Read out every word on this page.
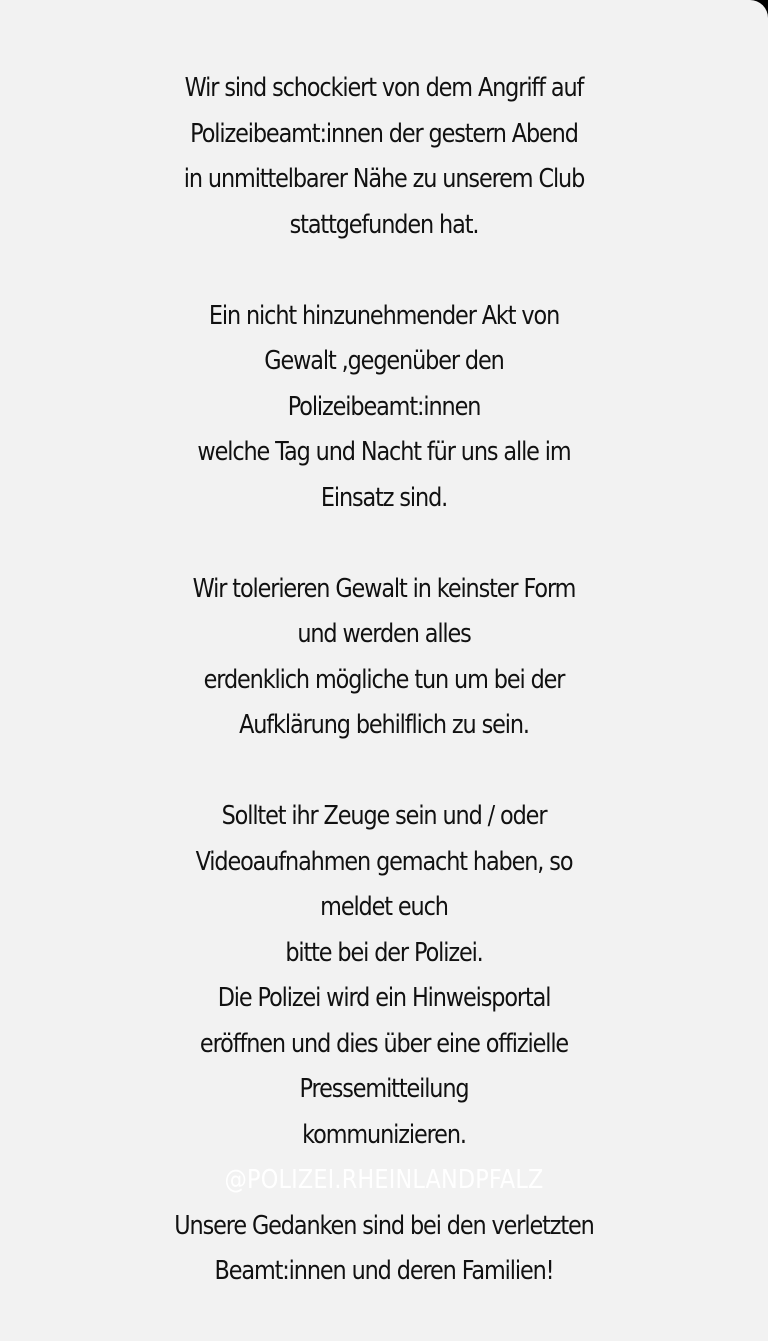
Wir sind schockiert von dem Angriff auf
Polizeibeamt:innen der gestern Abend
in unmittelbarer Nähe zu unserem Club
stattgefunden hat.
Ein nicht hinzunehmender Akt von
Gewalt ,gegenüber den
Polizeibeamt:innen
welche Tag und Nacht für uns alle im
Einsatz sind.
Wir tolerieren Gewalt in keinster Form
und werden alles
erdenklich mögliche tun um bei der
Aufklärung behilflich zu sein.
Solltet ihr Zeuge sein und / oder
Videoaufnahmen gemacht haben, so
meldet euch
bitte bei der Polizei.
Die Polizei wird ein Hinweisportal
eröffnen und dies über eine offizielle
Pressemitteilung
kommunizieren.
@POLIZEI.RHEINLANDPFALZ
Unsere Gedanken sind bei den verletzten
Beamt:innen und deren Familien!
